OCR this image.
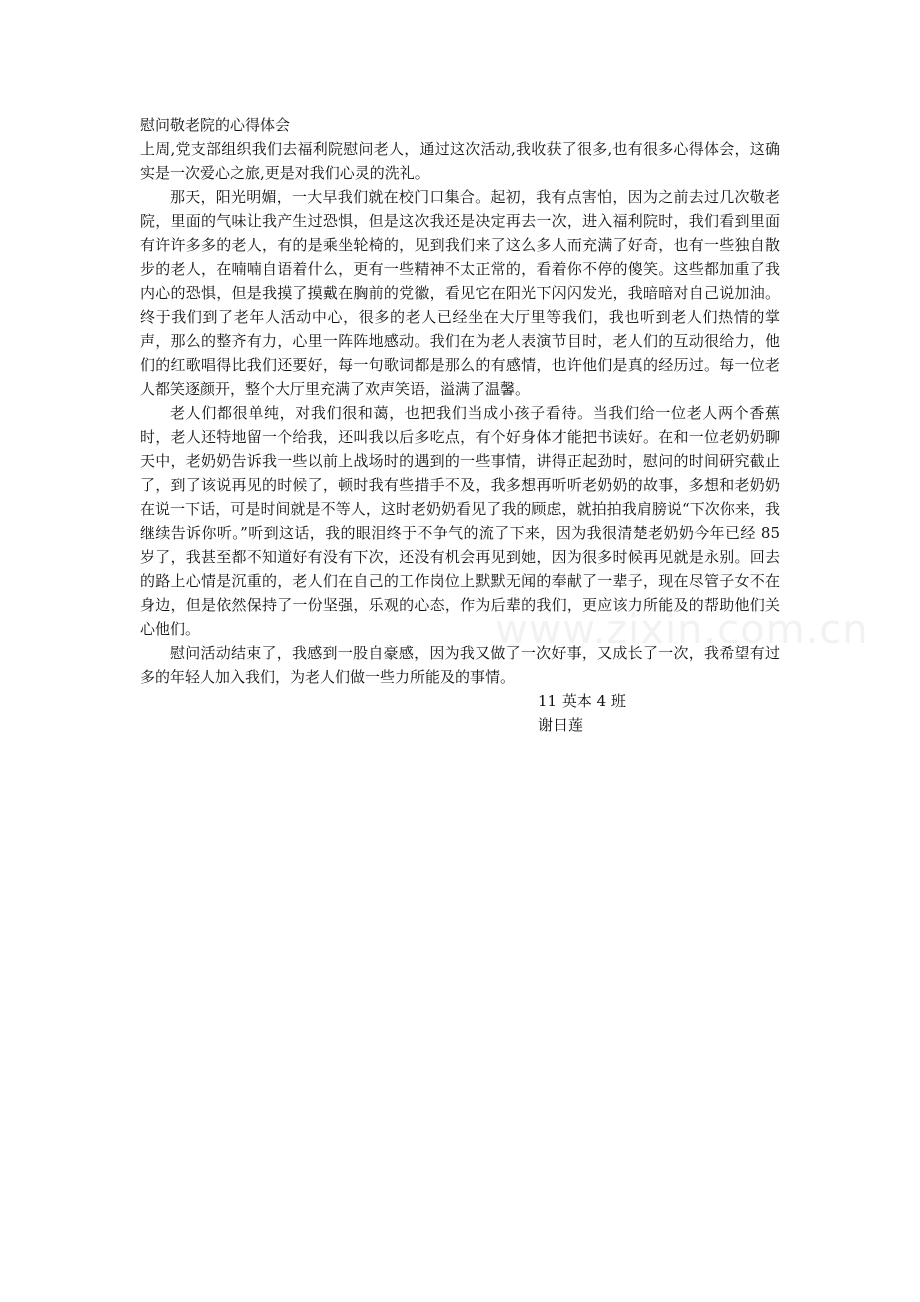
慰问敬老院的心得体会

上周,党支部组织我们去福利院慰问老人，通过这次活动,我收获了很多,也有很多心得体会，这确实是一次爱心之旅,更是对我们心灵的洗礼。

那天，阳光明媚，一大早我们就在校门口集合。起初，我有点害怕，因为之前去过几次敬老院，里面的气味让我产生过恐惧，但是这次我还是决定再去一次，进入福利院时，我们看到里面有许许多多的老人，有的是乘坐轮椅的，见到我们来了这么多人而充满了好奇，也有一些独自散步的老人，在喃喃自语着什么，更有一些精神不太正常的，看着你不停的傻笑。这些都加重了我内心的恐惧，但是我摸了摸戴在胸前的党徽，看见它在阳光下闪闪发光，我暗暗对自己说加油。终于我们到了老年人活动中心，很多的老人已经坐在大厅里等我们，我也听到老人们热情的掌声，那么的整齐有力，心里一阵阵地感动。我们在为老人表演节目时，老人们的互动很给力，他们的红歌唱得比我们还要好，每一句歌词都是那么的有感情，也许他们是真的经历过。每一位老人都笑逐颜开，整个大厅里充满了欢声笑语，溢满了温馨。

老人们都很单纯，对我们很和蔼，也把我们当成小孩子看待。当我们给一位老人两个香蕉时，老人还特地留一个给我，还叫我以后多吃点，有个好身体才能把书读好。在和一位老奶奶聊天中，老奶奶告诉我一些以前上战场时的遇到的一些事情，讲得正起劲时，慰问的时间研究截止了，到了该说再见的时候了，顿时我有些措手不及，我多想再听听老奶奶的故事，多想和老奶奶在说一下话，可是时间就是不等人，这时老奶奶看见了我的顾虑，就拍拍我肩膀说“下次你来，我继续告诉你听。”听到这话，我的眼泪终于不争气的流了下来，因为我很清楚老奶奶今年已经 85 岁了，我甚至都不知道好有没有下次，还没有机会再见到她，因为很多时候再见就是永别。回去的路上心情是沉重的，老人们在自己的工作岗位上默默无闻的奉献了一辈子，现在尽管子女不在身边，但是依然保持了一份坚强，乐观的心态，作为后辈的我们，更应该力所能及的帮助他们关心他们。

慰问活动结束了，我感到一股自豪感，因为我又做了一次好事，又成长了一次，我希望有过多的年轻人加入我们，为老人们做一些力所能及的事情。

11 英本 4 班

谢日莲

www.zixin.com.cn
